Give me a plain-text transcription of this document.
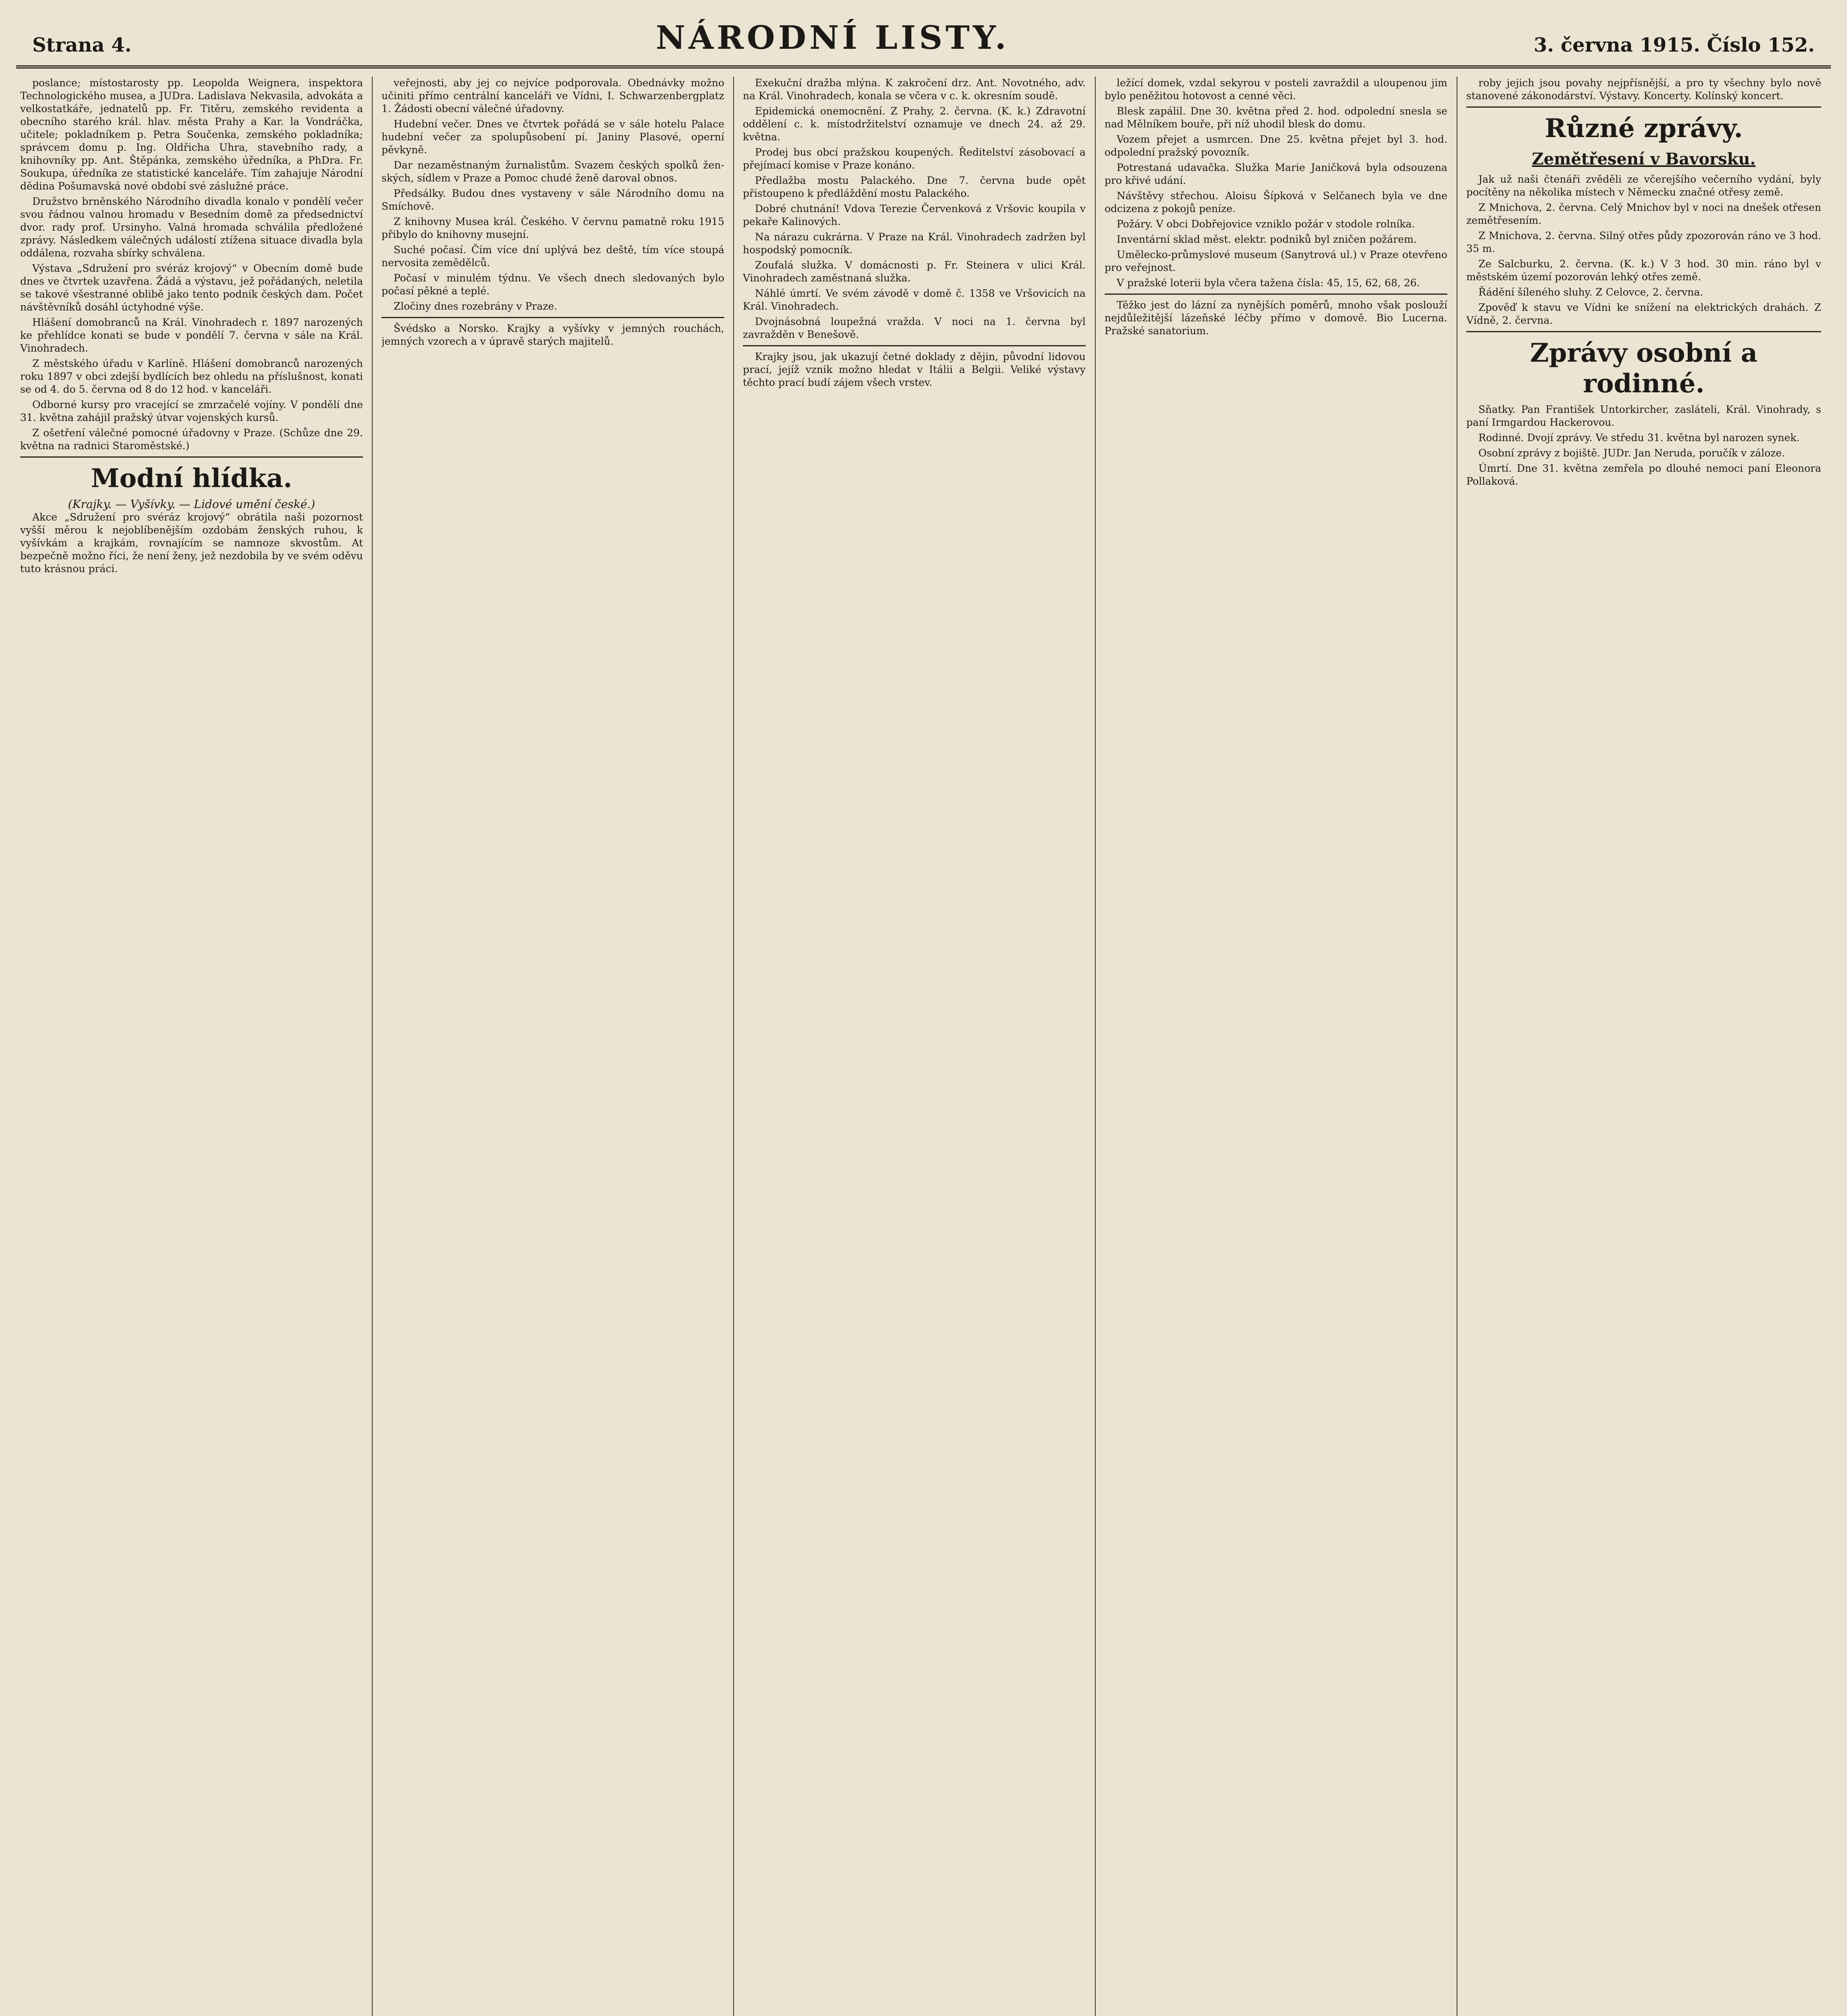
Strana 4.	NÁRODNÍ LISTY.	3. června 1915. Číslo 152.

poslance; místostarosty pp. Leopolda Weignera, inspektora Technologického musea, a JUDra. Ladislava Nekvasila, advokáta a velkostatkáře, jednatelů pp. Fr. Titěru, zemského revidenta a obecního starého král. hlav. města Prahy a Kar. la Vondráčka, učitele; pokladníkem p. Petra Součenka, zemského pokladníka; správcem domu p. Ing. Oldřicha Uhra, stavebního rady, a knihovníky pp. Ant. Štěpánka, zemského úředníka, a PhDra. Fr. Soukupa, úředníka ze statistické kanceláře. Tím zahajuje Národní dědina Pošumavská nové období své záslužné práce.

Družstvo brněnského Národního divadla konalo v pondělí večer svou řádnou valnou hromadu v Besedním domě za předsednictví dvor. rady prof. Ursinyho. Valná hromada schválila předložené zprávy. Následkem válečných událostí ztížena situace divadla byla oddálena, rozvaha sbírky schválena.

Výstava „Sdružení pro svéráz krojový“ v Obecním domě bude dnes ve čtvrtek uzavřena. Žádá a výstavu, jež pořádaných, neletila se takové všestranné oblibě jako tento podnik českých dam. Počet návštěvníků dosáhl úctyhodné výše.

Hlášení domobranců na Král. Vinohradech r. 1897 narozených ke přehlídce konati se bude v pondělí 7. června v sále na Král. Vinohradech.

Z městského úřadu v Karlíně. Hlášení domobranců narozených roku 1897 v obci zdejší bydlících bez ohledu na příslušnost, konati se od 4. do 5. června od 8 do 12 hod. v kanceláři.

Odborné kursy pro vracející se zmrzačelé vojíny. V pondělí dne 31. května zahájil pražský útvar vojenských kursů.

Z ošetření válečné pomocné úřadovny v Praze. (Schůze dne 29. května na radnici Staroměstské.)

Modní hlídka.
(Krajky. — Vyšívky. — Lidové umění české.)

Akce „Sdružení pro svéráz krojový“ obrátila naši pozornost vyšší měrou k nejoblíbenějším ozdobám ženských ruhou, k vyšívkám a krajkám, rovnajícím se namnoze skvostům. At bezpečně možno říci, že není ženy, jež nezdobila by ve svém oděvu tuto krásnou práci.

veřejnosti, aby jej co nejvíce podporovala. Obednávky možno učiniti přímo centrální kanceláři ve Vídni, I. Schwarzenbergplatz 1. Žádosti obecní válečné úřadovny.

Hudební večer. Dnes ve čtvrtek pořádá se v sále hotelu Palace hudební večer za spolupůsobení pí. Janiny Plasové, operní pěvkyně.

Dar nezaměstnaným žurnalistům. Svazem českých spolků ženských, sídlem v Praze a Pomoc chudé ženě daroval obnos.

Předsálky. Budou dnes vystaveny v sále Národního domu na Smíchově.

Z knihovny Musea král. Českého. V červnu pamatně roku 1915 přibylo do knihovny musejní.

Suché počasí. Čím více dní uplývá bez deště, tím více stoupá nervosita zemědělců.

Počasí v minulém týdnu. Ve všech dnech sledovaných bylo počasí pěkné a teplé.

Zločiny dnes rozebrány v Praze.

Švédsko a Norsko. Krajky a vyšívky v jemných rouchách, jemných vzorech a v úpravě starých majitelů.

Exekuční dražba mlýna. K zakročení drz. Ant. Novotného, adv. na Král. Vinohradech, konala se včera v c. k. okresním soudě.

Epidemická onemocnění. Z Prahy, 2. června. (K. k.) Zdravotní oddělení c. k. místodržitelství oznamuje ve dnech 24. až 29. května.

Prodej bus obcí pražskou koupených. Ředitelství zásobovací a přejímací komise v Praze konáno.

Předlažba mostu Palackého. Dne 7. června bude opět přistoupeno k předláždění mostu Palackého.

Dobré chutnání! Vdova Terezie Červenková z Vršovic koupila v pekaře Kalinových.

Na nárazu cukrárna. V Praze na Král. Vinohradech zadržen byl hospodský pomocník.

Zoufalá služka. V domácnosti p. Fr. Steinera v ulici Král. Vinohradech zaměstnaná služka.

Náhlé úmrtí. Ve svém závodě v domě č. 1358 ve Vršovicích na Král. Vinohradech.

Dvojnásobná loupežná vražda. V noci na 1. června byl zavražděn v Benešově.

Krajky jsou, jak ukazují četné doklady z dějin, původní lidovou prací, jejíž vznik možno hledat v Itálii a Belgii. Veliké výstavy těchto prací budí zájem všech vrstev.

ležící domek, vzdal sekyrou v posteli zavraždil a uloupenou jim bylo peněžitou hotovost a cenné věci.

Blesk zapálil. Dne 30. května před 2. hod. odpolední snesla se nad Mělníkem bouře, při níž uhodil blesk do domu.

Vozem přejet a usmrcen. Dne 25. května přejet byl 3. hod. odpolední pražský povozník.

Potrestaná udavačka. Služka Marie Janičková byla odsouzena pro křivé udání.

Návštěvy střechou. Aloisu Šípková v Selčanech byla ve dne odcizena z pokojů peníze.

Požáry. V obci Dobřejovice vzniklo požár v stodole rolníka.

Inventární sklad měst. elektr. podniků byl zničen požárem.

Umělecko-průmyslové museum (Sanytrová ul.) v Praze otevřeno pro veřejnost.

V pražské loterii byla včera tažena čísla: 45, 15, 62, 68, 26.

Těžko jest do lázní za nynějších poměrů, mnoho však poslouží nejdůležitější lázeňské léčby přímo v domově. Bio Lucerna. Pražské sanatorium.

roby jejich jsou povahy nejpřísnější, a pro ty všechny bylo nově stanovené zákonodárství. Výstavy. Koncerty. Kolínský koncert.

Různé zprávy.
Zemětřesení v Bavorsku.

Jak už naši čtenáři zvěděli ze včerejšího večerního vydání, byly pocítěny na několika místech v Německu značné otřesy země.

Z Mnichova, 2. června. Celý Mnichov byl v noci na dnešek otřesen zemětřesením.

Z Mnichova, 2. června. Silný otřes půdy zpozorován ráno ve 3 hod. 35 m.

Ze Salcburku, 2. června. (K. k.) V 3 hod. 30 min. ráno byl v městském území pozorován lehký otřes země.

Řádění šíleného sluhy. Z Celovce, 2. června.

Zpověď k stavu ve Vídni ke snížení na elektrických drahách. Z Vídně, 2. června.

Zprávy osobní a rodinné.

Sňatky. Pan František Untorkircher, zasláteli, Král. Vinohrady, s paní Irmgardou Hackerovou.

Rodinné. Dvojí zprávy. Ve středu 31. května byl narozen synek.

Osobní zprávy z bojiště. JUDr. Jan Neruda, poručík v záloze.

Úmrtí. Dne 31. května zemřela po dlouhé nemoci paní Eleonora Pollaková.
